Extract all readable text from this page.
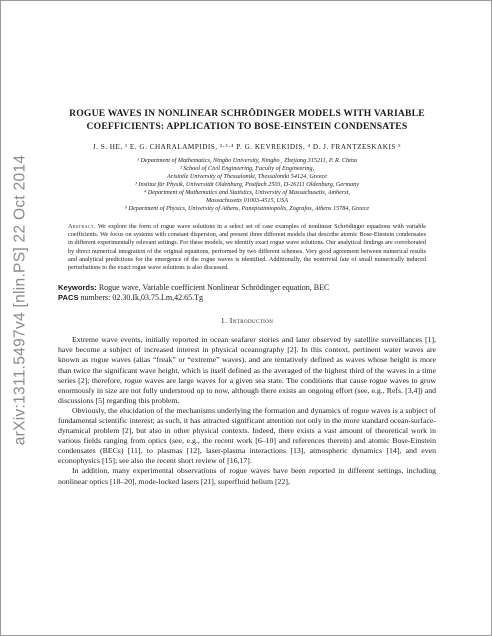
arXiv:1311.5497v4 [nlin.PS] 22 Oct 2014
ROGUE WAVES IN NONLINEAR SCHRÖDINGER MODELS WITH VARIABLE COEFFICIENTS: APPLICATION TO BOSE-EINSTEIN CONDENSATES
J. S. HE, ¹ E. G. CHARALAMPIDIS, ²·³·⁴ P. G. KEVREKIDIS, ⁴ D. J. FRANTZESKAKIS ⁵
¹ Department of Mathematics, Ningbo University, Ningbo , Zhejiang 315211, P. R. China
² School of Civil Engineering, Faculty of Engineering,
Aristotle University of Thessaloniki, Thessaloniki 54124, Greece
³ Institut für Physik, Universität Oldenburg, Postfach 2503, D-26111 Oldenburg, Germany
⁴ Department of Mathematics and Statistics, University of Massachusetts, Amherst,
Massachusetts 01003-4515, USA
⁵ Department of Physics, University of Athens, Panepistimiopolis, Zografos, Athens 15784, Greece
Abstract. We explore the form of rogue wave solutions in a select set of case examples of nonlinear Schrödinger equations with variable coefficients. We focus on systems with constant dispersion, and present three different models that describe atomic Bose-Einstein condensates in different experimentally relevant settings. For these models, we identify exact rogue wave solutions. Our analytical findings are corroborated by direct numerical integration of the original equations, performed by two different schemes. Very good agreement between numerical results and analytical predictions for the emergence of the rogue waves is identified. Additionally, the nontrivial fate of small numerically induced perturbations to the exact rogue wave solutions is also discussed.
Keywords: Rogue wave, Variable coefficient Nonlinear Schrödinger equation, BEC
PACS numbers: 02.30.Ik,03.75.Lm,42.65.Tg
1. Introduction

Extreme wave events, initially reported in ocean seafarer stories and later observed by satellite surveillances [1], have become a subject of increased interest in physical oceanography [2]. In this context, pertinent water waves are known as rogue waves (alias “freak” or “extreme” waves), and are tentatively defined as waves whose height is more than twice the significant wave height, which is itself defined as the averaged of the highest third of the waves in a time series [2]; therefore, rogue waves are large waves for a given sea state. The conditions that cause rogue waves to grow enormously in size are not fully understood up to now, although there exists an ongoing effort (see, e.g., Refs. [3,4]) and discussions [5] regarding this problem.

Obviously, the elucidation of the mechanisms underlying the formation and dynamics of rogue waves is a subject of fundamental scientific interest; as such, it has attracted significant attention not only in the more standard ocean-surface-dynamical problem [2], but also in other physical contexts. Indeed, there exists a vast amount of theoretical work in various fields ranging from optics (see, e.g., the recent work [6–10] and references therein) and atomic Bose-Einstein condensates (BECs) [11], to plasmas [12], laser-plasma interactions [13], atmospheric dynamics [14], and even econophysics [15]; see also the recent short review of [16,17].

In addition, many experimental observations of rogue waves have been reported in different settings, including nonlinear optics [18–20], mode-locked lasers [21], superfluid helium [22],
